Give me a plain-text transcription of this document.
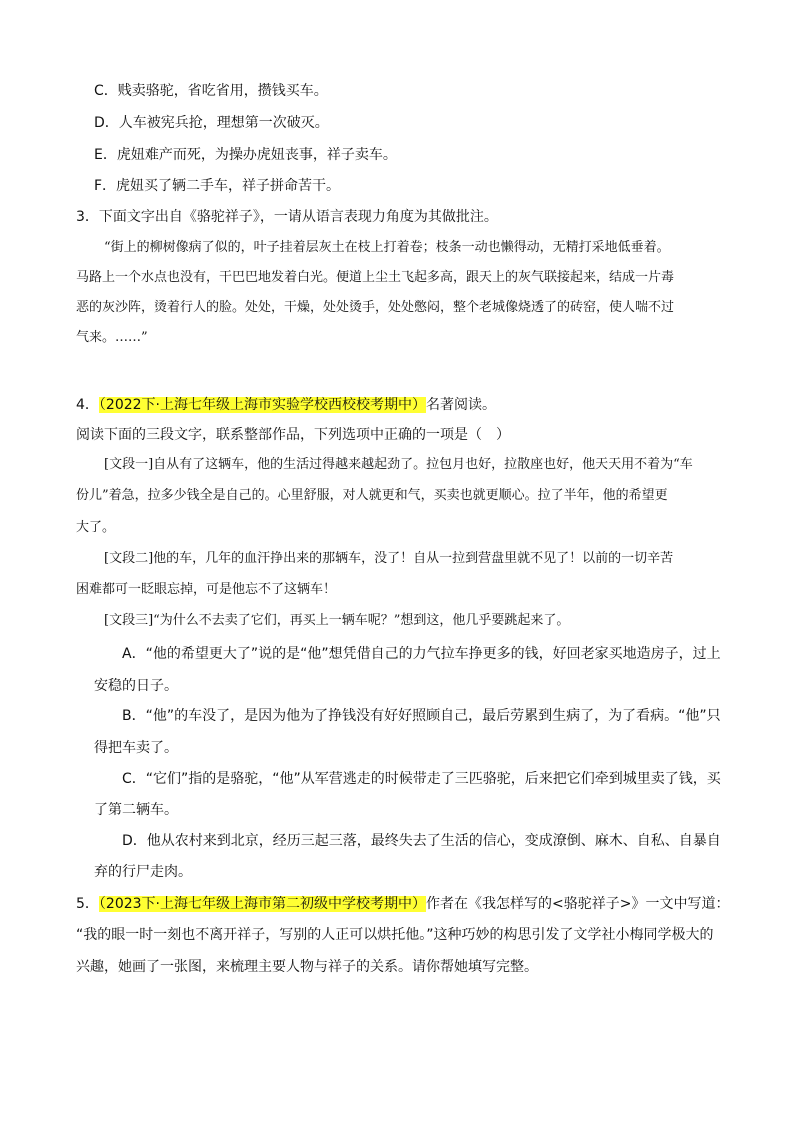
C．贱卖骆驼，省吃省用，攒钱买车。
D．人车被宪兵抢，理想第一次破灭。
E．虎妞难产而死，为操办虎妞丧事，祥子卖车。
F．虎妞买了辆二手车，祥子拼命苦干。
3．下面文字出自《骆驼祥子》，一请从语言表现力角度为其做批注。
“街上的柳树像病了似的，叶子挂着层灰土在枝上打着卷；枝条一动也懒得动，无精打采地低垂着。
马路上一个水点也没有，干巴巴地发着白光。便道上尘土飞起多高，跟天上的灰气联接起来，结成一片毒
恶的灰沙阵，烫着行人的脸。处处，干燥，处处烫手，处处憋闷，整个老城像烧透了的砖窑，使人喘不过
气来。……”
4．（2022下·上海七年级上海市实验学校西校校考期中）名著阅读。
阅读下面的三段文字，联系整部作品，下列选项中正确的一项是（　）
[文段一]自从有了这辆车，他的生活过得越来越起劲了。拉包月也好，拉散座也好，他天天用不着为“车
份儿”着急，拉多少钱全是自己的。心里舒服，对人就更和气，买卖也就更顺心。拉了半年，他的希望更
大了。
[文段二]他的车，几年的血汗挣出来的那辆车，没了！自从一拉到营盘里就不见了！以前的一切辛苦
困难都可一眨眼忘掉，可是他忘不了这辆车！
[文段三]“为什么不去卖了它们，再买上一辆车呢？”想到这，他几乎要跳起来了。
A．“他的希望更大了”说的是“他”想凭借自己的力气拉车挣更多的钱，好回老家买地造房子，过上
安稳的日子。
B．“他”的车没了，是因为他为了挣钱没有好好照顾自己，最后劳累到生病了，为了看病。“他”只
得把车卖了。
C．“它们”指的是骆驼，“他”从军营逃走的时候带走了三匹骆驼，后来把它们牵到城里卖了钱，买
了第二辆车。
D．他从农村来到北京，经历三起三落，最终失去了生活的信心，变成潦倒、麻木、自私、自暴自
弃的行尸走肉。
5．（2023下·上海七年级上海市第二初级中学校考期中）作者在《我怎样写的<骆驼祥子>》一文中写道：
“我的眼一时一刻也不离开祥子，写别的人正可以烘托他。”这种巧妙的构思引发了文学社小梅同学极大的
兴趣，她画了一张图，来梳理主要人物与祥子的关系。请你帮她填写完整。
